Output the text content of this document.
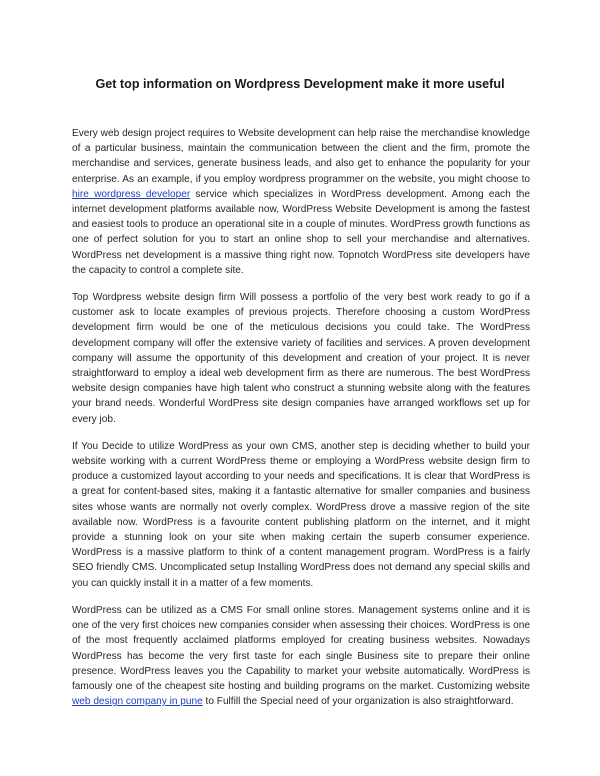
Get top information on Wordpress Development make it more useful

Every web design project requires to Website development can help raise the merchandise knowledge of a particular business, maintain the communication between the client and the firm, promote the merchandise and services, generate business leads, and also get to enhance the popularity for your enterprise. As an example, if you employ wordpress programmer on the website, you might choose to hire wordpress developer service which specializes in WordPress development. Among each the internet development platforms available now, WordPress Website Development is among the fastest and easiest tools to produce an operational site in a couple of minutes. WordPress growth functions as one of perfect solution for you to start an online shop to sell your merchandise and alternatives. WordPress net development is a massive thing right now. Topnotch WordPress site developers have the capacity to control a complete site.

Top Wordpress website design firm Will possess a portfolio of the very best work ready to go if a customer ask to locate examples of previous projects. Therefore choosing a custom WordPress development firm would be one of the meticulous decisions you could take. The WordPress development company will offer the extensive variety of facilities and services. A proven development company will assume the opportunity of this development and creation of your project. It is never straightforward to employ a ideal web development firm as there are numerous. The best WordPress website design companies have high talent who construct a stunning website along with the features your brand needs. Wonderful WordPress site design companies have arranged workflows set up for every job.

If You Decide to utilize WordPress as your own CMS, another step is deciding whether to build your website working with a current WordPress theme or employing a WordPress website design firm to produce a customized layout according to your needs and specifications. It is clear that WordPress is a great for content-based sites, making it a fantastic alternative for smaller companies and business sites whose wants are normally not overly complex. WordPress drove a massive region of the site available now. WordPress is a favourite content publishing platform on the internet, and it might provide a stunning look on your site when making certain the superb consumer experience. WordPress is a massive platform to think of a content management program. WordPress is a fairly SEO friendly CMS. Uncomplicated setup Installing WordPress does not demand any special skills and you can quickly install it in a matter of a few moments.

WordPress can be utilized as a CMS For small online stores. Management systems online and it is one of the very first choices new companies consider when assessing their choices. WordPress is one of the most frequently acclaimed platforms employed for creating business websites. Nowadays WordPress has become the very first taste for each single Business site to prepare their online presence. WordPress leaves you the Capability to market your website automatically. WordPress is famously one of the cheapest site hosting and building programs on the market. Customizing website web design company in pune to Fulfill the Special need of your organization is also straightforward.
